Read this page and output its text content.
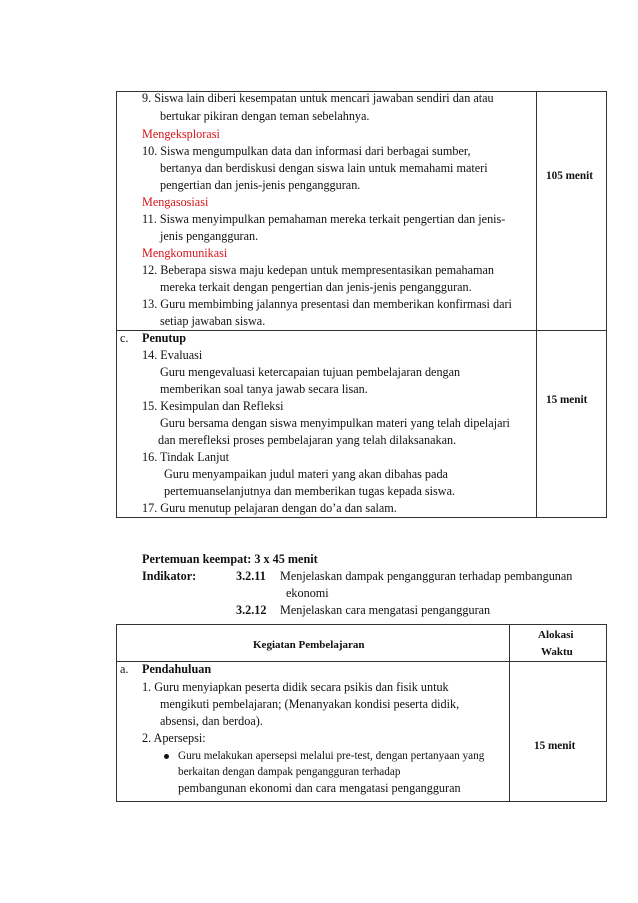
9. Siswa lain diberi kesempatan untuk mencari jawaban sendiri dan atau
bertukar pikiran dengan teman sebelahnya.
Mengeksplorasi
10. Siswa mengumpulkan data dan informasi dari berbagai sumber,
bertanya dan berdiskusi dengan siswa lain untuk memahami materi
pengertian dan jenis-jenis pengangguran.
Mengasosiasi
11. Siswa menyimpulkan pemahaman mereka terkait pengertian dan jenis-
jenis pengangguran.
Mengkomunikasi
12. Beberapa siswa maju kedepan untuk mempresentasikan pemahaman
mereka terkait dengan pengertian dan jenis-jenis pengangguran.
13. Guru membimbing jalannya presentasi dan memberikan konfirmasi dari
setiap jawaban siswa.
105 menit
c. Penutup
14. Evaluasi
Guru mengevaluasi ketercapaian tujuan pembelajaran dengan
memberikan soal tanya jawab secara lisan.
15. Kesimpulan dan Refleksi
Guru bersama dengan siswa menyimpulkan materi yang telah dipelajari
dan merefleksi proses pembelajaran yang telah dilaksanakan.
16. Tindak Lanjut
Guru menyampaikan judul materi yang akan dibahas pada
pertemuanselanjutnya dan memberikan tugas kepada siswa.
17. Guru menutup pelajaran dengan do’a dan salam.
15 menit
Pertemuan keempat: 3 x 45 menit
Indikator:	3.2.11 Menjelaskan dampak pengangguran terhadap pembangunan
ekonomi
3.2.12 Menjelaskan cara mengatasi pengangguran
Kegiatan Pembelajaran
Alokasi
Waktu
a. Pendahuluan
1. Guru menyiapkan peserta didik secara psikis dan fisik untuk
mengikuti pembelajaran; (Menanyakan kondisi peserta didik,
absensi, dan berdoa).
2. Apersepsi:
Guru melakukan apersepsi melalui pre-test, dengan pertanyaan yang
berkaitan dengan dampak pengangguran terhadap
pembangunan ekonomi dan cara mengatasi pengangguran
15 menit
